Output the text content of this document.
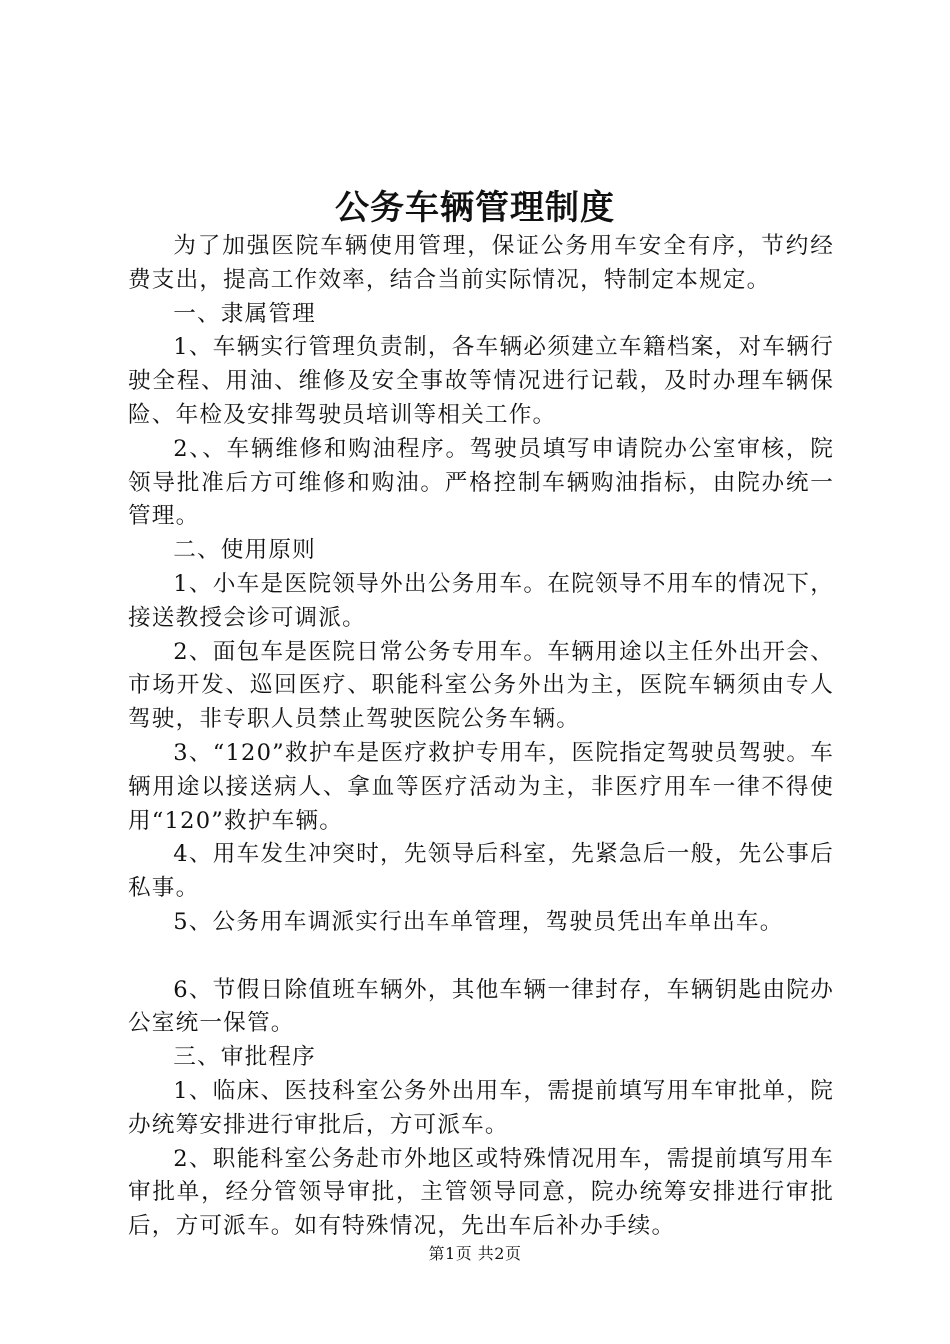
公务车辆管理制度

为了加强医院车辆使用管理，保证公务用车安全有序，节约经费支出，提高工作效率，结合当前实际情况，特制定本规定。

一、隶属管理

1、车辆实行管理负责制，各车辆必须建立车籍档案，对车辆行驶全程、用油、维修及安全事故等情况进行记载，及时办理车辆保险、年检及安排驾驶员培训等相关工作。

2、、车辆维修和购油程序。驾驶员填写申请院办公室审核，院领导批准后方可维修和购油。严格控制车辆购油指标，由院办统一管理。

二、使用原则

1、小车是医院领导外出公务用车。在院领导不用车的情况下，接送教授会诊可调派。

2、面包车是医院日常公务专用车。车辆用途以主任外出开会、市场开发、巡回医疗、职能科室公务外出为主，医院车辆须由专人驾驶，非专职人员禁止驾驶医院公务车辆。

3、“120”救护车是医疗救护专用车，医院指定驾驶员驾驶。车辆用途以接送病人、拿血等医疗活动为主，非医疗用车一律不得使用“120”救护车辆。

4、用车发生冲突时，先领导后科室，先紧急后一般，先公事后私事。

5、公务用车调派实行出车单管理，驾驶员凭出车单出车。

6、节假日除值班车辆外，其他车辆一律封存，车辆钥匙由院办公室统一保管。

三、审批程序

1、临床、医技科室公务外出用车，需提前填写用车审批单，院办统筹安排进行审批后，方可派车。

2、职能科室公务赴市外地区或特殊情况用车，需提前填写用车审批单，经分管领导审批，主管领导同意，院办统筹安排进行审批后，方可派车。如有特殊情况，先出车后补办手续。

第1页 共2页
